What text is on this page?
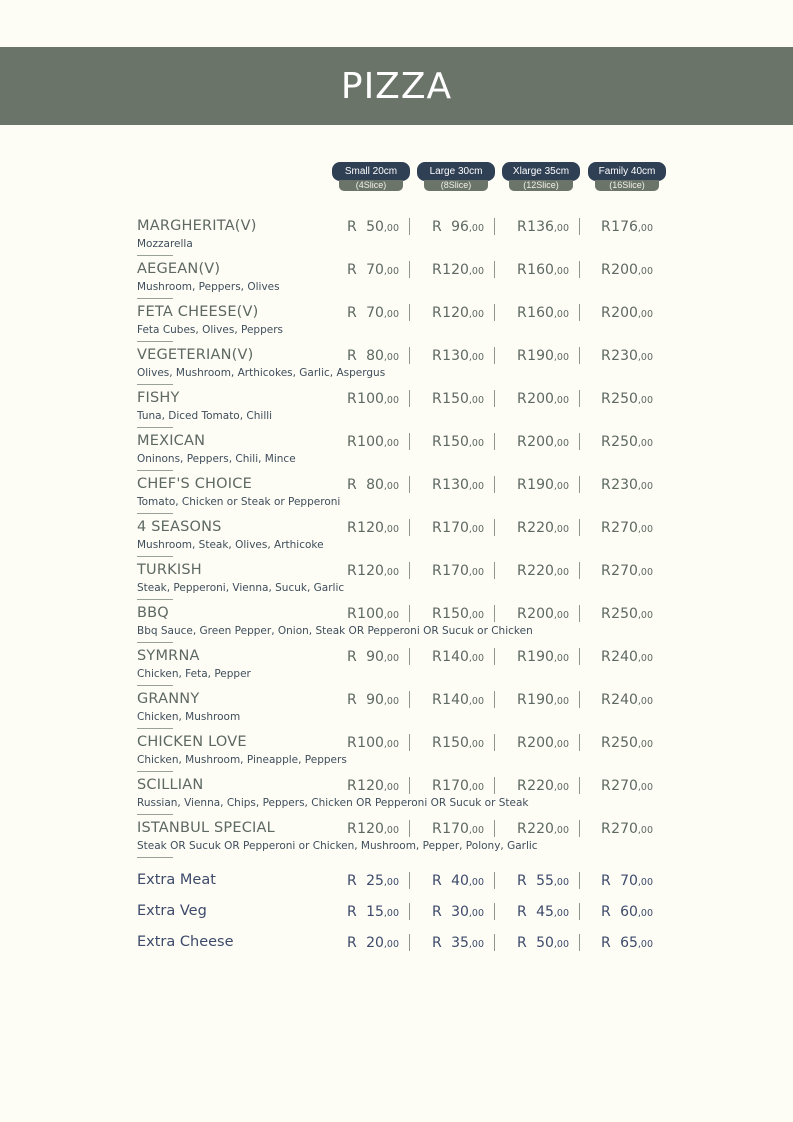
PIZZA
Small 20cm
(4Slice)
Large 30cm
(8Slice)
Xlarge 35cm
(12Slice)
Family 40cm
(16Slice)
MARGHERITA(V)
Mozzarella
R 50,00 R 96,00 R 136,00 R 176,00
AEGEAN(V)
Mushroom, Peppers, Olives
R 70,00 R 120,00 R 160,00 R 200,00
FETA CHEESE(V)
Feta Cubes, Olives, Peppers
R 70,00 R 120,00 R 160,00 R 200,00
VEGETERIAN(V)
Olives, Mushroom, Arthicokes, Garlic, Aspergus
R 80,00 R 130,00 R 190,00 R 230,00
FISHY
Tuna, Diced Tomato, Chilli
R 100,00 R 150,00 R 200,00 R 250,00
MEXICAN
Oninons, Peppers, Chili, Mince
R 100,00 R 150,00 R 200,00 R 250,00
CHEF'S CHOICE
Tomato, Chicken or Steak or Pepperoni
R 80,00 R 130,00 R 190,00 R 230,00
4 SEASONS
Mushroom, Steak, Olives, Arthicoke
R 120,00 R 170,00 R 220,00 R 270,00
TURKISH
Steak, Pepperoni, Vienna, Sucuk, Garlic
R 120,00 R 170,00 R 220,00 R 270,00
BBQ
Bbq Sauce, Green Pepper, Onion, Steak OR Pepperoni OR Sucuk or Chicken
R 100,00 R 150,00 R 200,00 R 250,00
SYMRNA
Chicken, Feta, Pepper
R 90,00 R 140,00 R 190,00 R 240,00
GRANNY
Chicken, Mushroom
R 90,00 R 140,00 R 190,00 R 240,00
CHICKEN LOVE
Chicken, Mushroom, Pineapple, Peppers
R 100,00 R 150,00 R 200,00 R 250,00
SCILLIAN
Russian, Vienna, Chips, Peppers, Chicken OR Pepperoni OR Sucuk or Steak
R 120,00 R 170,00 R 220,00 R 270,00
ISTANBUL SPECIAL
Steak OR Sucuk OR Pepperoni or Chicken, Mushroom, Pepper, Polony, Garlic
R 120,00 R 170,00 R 220,00 R 270,00
Extra Meat	R 25,00 R 40,00 R 55,00 R 70,00
Extra Veg	R 15,00 R 30,00 R 45,00 R 60,00
Extra Cheese	R 20,00 R 35,00 R 50,00 R 65,00
